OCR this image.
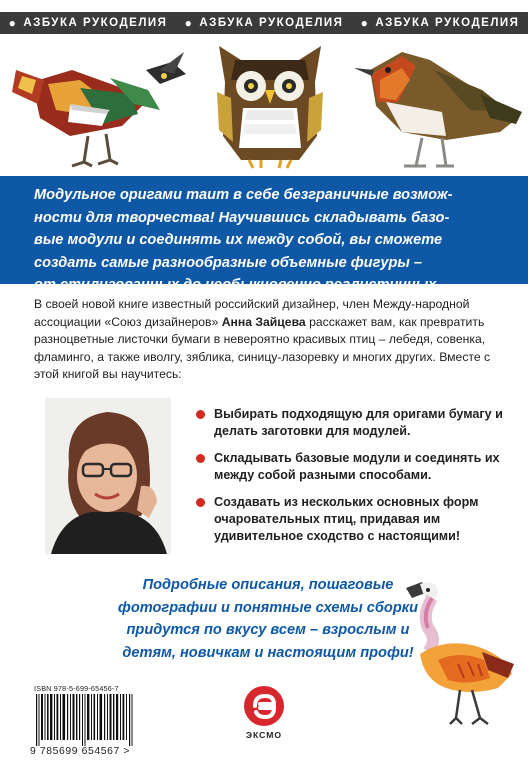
● АЗБУКА РУКОДЕЛИЯ ● АЗБУКА РУКОДЕЛИЯ ● АЗБУКА РУКОДЕЛИЯ
Модульное оригами таит в себе безграничные возмож-
ности для творчества! Научившись складывать базо-
вые модули и соединять их между собой, вы сможете
создать самые разнообразные объемные фигуры –
от стилизованных до необыкновенно реалистичных.
В своей новой книге известный российский дизайнер, член Между-народной ассоциации «Союз дизайнеров» Анна Зайцева расскажет вам, как превратить разноцветные листочки бумаги в невероятно красивых птиц – лебедя, совенка, фламинго, а также иволгу, зяблика, синицу-лазоревку и многих других. Вместе с этой книгой вы научитесь:
Выбирать подходящую для оригами бумагу и делать заготовки для модулей.
Складывать базовые модули и соединять их между собой разными способами.
Создавать из нескольких основных форм очаровательных птиц, придавая им удивительное сходство с настоящими!
Подробные описания, пошаговые
фотографии и понятные схемы сборки
придутся по вкусу всем – взрослым и
детям, новичкам и настоящим профи!
ISBN 978-5-699-65456-7
9 785699 654567 >
ЭКСМО
